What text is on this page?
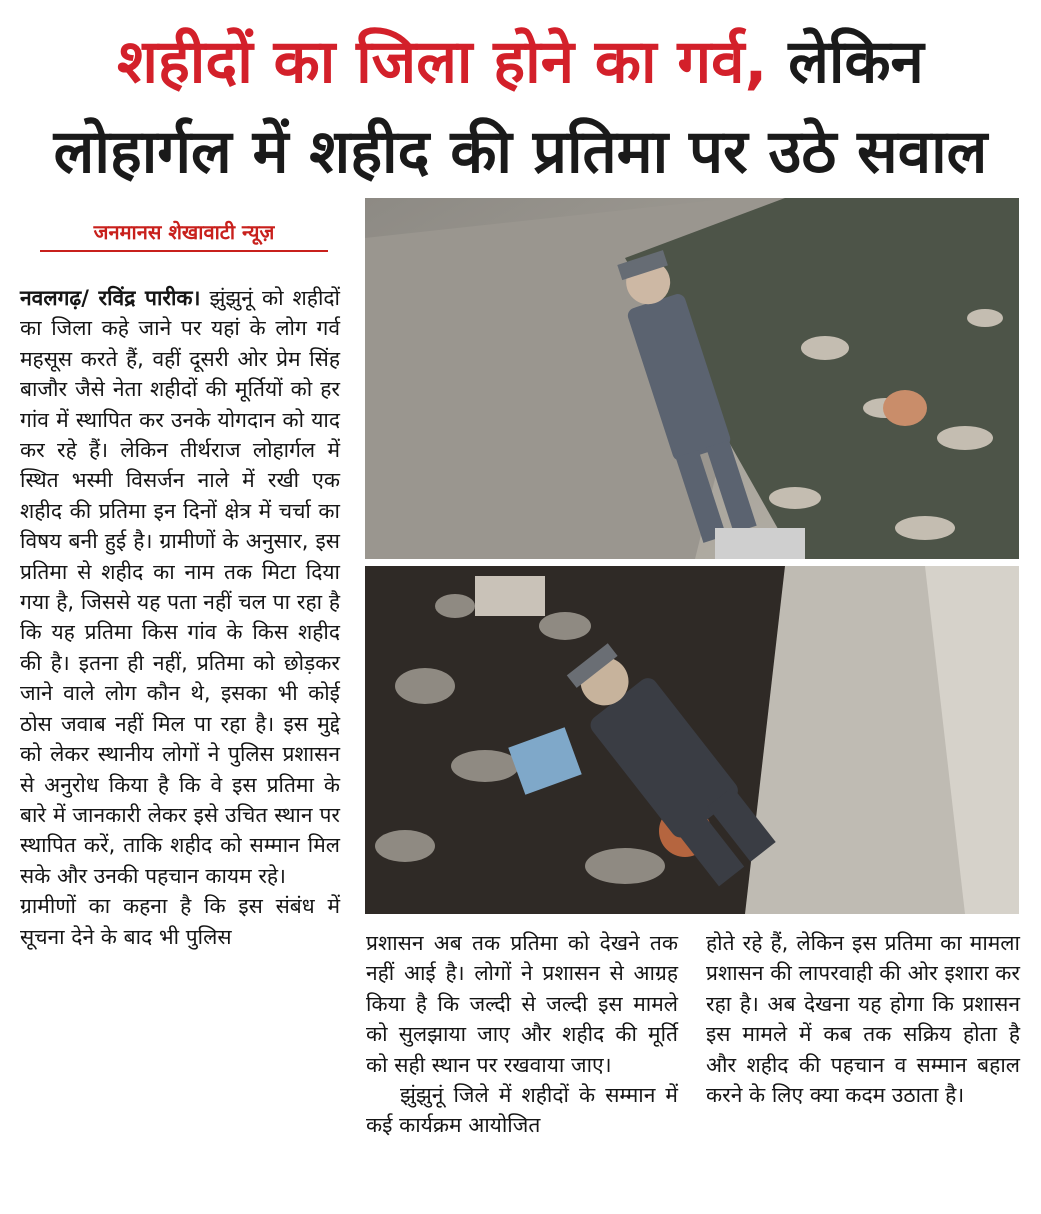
शहीदों का जिला होने का गर्व, लेकिन
लोहार्गल में शहीद की प्रतिमा पर उठे सवाल
जनमानस शेखावाटी न्यूज़

नवलगढ़/ रविंद्र पारीक। झुंझुनूं को शहीदों का जिला कहे जाने पर यहां के लोग गर्व महसूस करते हैं, वहीं दूसरी ओर प्रेम सिंह बाजौर जैसे नेता शहीदों की मूर्तियों को हर गांव में स्थापित कर उनके योगदान को याद कर रहे हैं। लेकिन तीर्थराज लोहार्गल में स्थित भस्मी विसर्जन नाले में रखी एक शहीद की प्रतिमा इन दिनों क्षेत्र में चर्चा का विषय बनी हुई है। ग्रामीणों के अनुसार, इस प्रतिमा से शहीद का नाम तक मिटा दिया गया है, जिससे यह पता नहीं चल पा रहा है कि यह प्रतिमा किस गांव के किस शहीद की है। इतना ही नहीं, प्रतिमा को छोड़कर जाने वाले लोग कौन थे, इसका भी कोई ठोस जवाब नहीं मिल पा रहा है। इस मुद्दे को लेकर स्थानीय लोगों ने पुलिस प्रशासन से अनुरोध किया है कि वे इस प्रतिमा के बारे में जानकारी लेकर इसे उचित स्थान पर स्थापित करें, ताकि शहीद को सम्मान मिल सके और उनकी पहचान कायम रहे।

ग्रामीणों का कहना है कि इस संबंध में सूचना देने के बाद भी पुलिस	प्रशासन अब तक प्रतिमा को देखने तक नहीं आई है। लोगों ने प्रशासन से आग्रह किया है कि जल्दी से जल्दी इस मामले को सुलझाया जाए और शहीद की मूर्ति को सही स्थान पर रखवाया जाए।

झुंझुनूं जिले में शहीदों के सम्मान में कई कार्यक्रम आयोजित

होते रहे हैं, लेकिन इस प्रतिमा का मामला प्रशासन की लापरवाही की ओर इशारा कर रहा है। अब देखना यह होगा कि प्रशासन इस मामले में कब तक सक्रिय होता है और शहीद की पहचान व सम्मान बहाल करने के लिए क्या कदम उठाता है।
